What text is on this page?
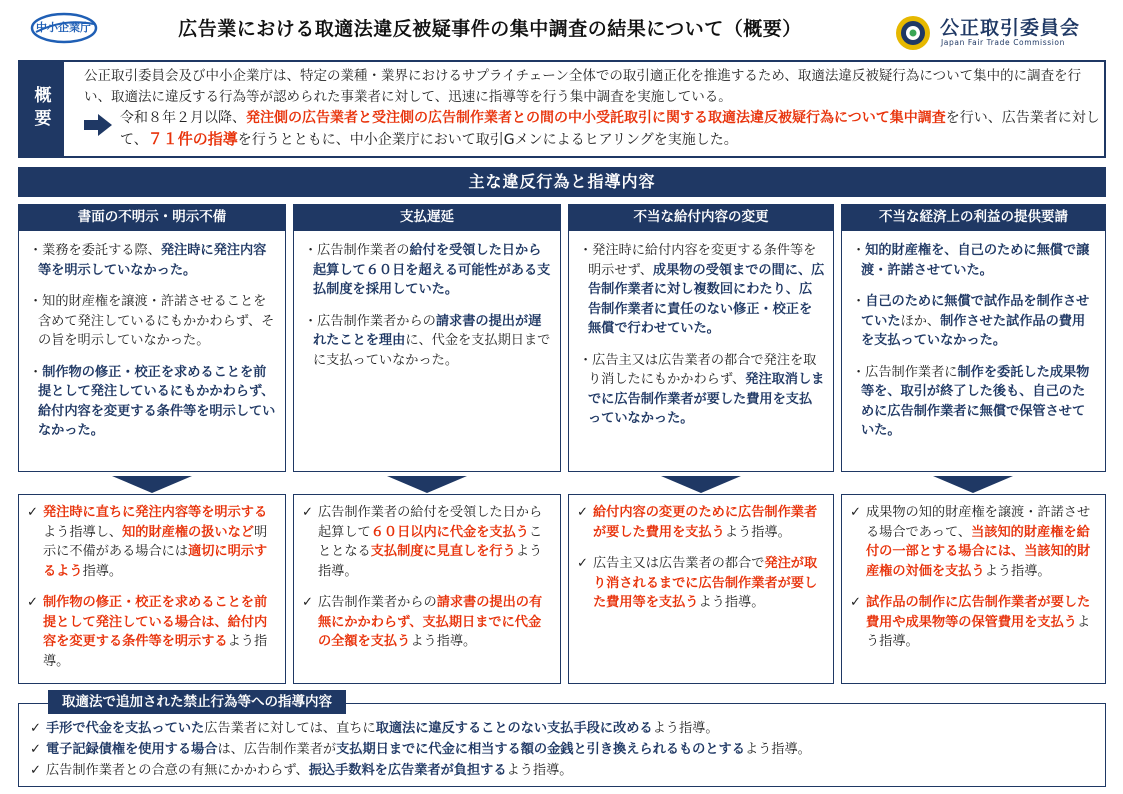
中小企業庁	広告業における取適法違反被疑事件の集中調査の結果について（概要）	公正取引委員会
Japan Fair Trade Commission
概要
公正取引委員会及び中小企業庁は、特定の業種・業界におけるサプライチェーン全体での取引適正化を推進するため、取適法違反被疑行為について集中的に調査を行い、取適法に違反する行為等が認められた事業者に対して、迅速に指導等を行う集中調査を実施している。
令和８年２月以降、発注側の広告業者と受注側の広告制作業者との間の中小受託取引に関する取適法違反被疑行為について集中調査を行い、広告業者に対して、７１件の指導を行うとともに、中小企業庁において取引Gメンによるヒアリングを実施した。
主な違反行為と指導内容
書面の不明示・明示不備

・業務を委託する際、発注時に発注内容等を明示していなかった。

・知的財産権を譲渡・許諾させることを含めて発注しているにもかかわらず、その旨を明示していなかった。

・制作物の修正・校正を求めることを前提として発注しているにもかかわらず、給付内容を変更する条件等を明示していなかった。

✓ 発注時に直ちに発注内容等を明示するよう指導し、知的財産権の扱いなど明示に不備がある場合には適切に明示するよう指導。

✓ 制作物の修正・校正を求めることを前提として発注している場合は、給付内容を変更する条件等を明示するよう指導。

支払遅延

・広告制作業者の給付を受領した日から起算して６０日を超える可能性がある支払制度を採用していた。

・広告制作業者からの請求書の提出が遅れたことを理由に、代金を支払期日までに支払っていなかった。

✓ 広告制作業者の給付を受領した日から起算して６０日以内に代金を支払うこととなる支払制度に見直しを行うよう指導。

✓ 広告制作業者からの請求書の提出の有無にかかわらず、支払期日までに代金の全額を支払うよう指導。

不当な給付内容の変更

・発注時に給付内容を変更する条件等を明示せず、成果物の受領までの間に、広告制作業者に対し複数回にわたり、広告制作業者に責任のない修正・校正を無償で行わせていた。

・広告主又は広告業者の都合で発注を取り消したにもかかわらず、発注取消しまでに広告制作業者が要した費用を支払っていなかった。

✓ 給付内容の変更のために広告制作業者が要した費用を支払うよう指導。

✓ 広告主又は広告業者の都合で発注が取り消されるまでに広告制作業者が要した費用等を支払うよう指導。

不当な経済上の利益の提供要請

・知的財産権を、自己のために無償で譲渡・許諾させていた。

・自己のために無償で試作品を制作させていたほか、制作させた試作品の費用を支払っていなかった。

・広告制作業者に制作を委託した成果物等を、取引が終了した後も、自己のために広告制作業者に無償で保管させていた。

✓ 成果物の知的財産権を譲渡・許諾させる場合であって、当該知的財産権を給付の一部とする場合には、当該知的財産権の対価を支払うよう指導。

✓ 試作品の制作に広告制作業者が要した費用や成果物等の保管費用を支払うよう指導。

取適法で追加された禁止行為等への指導内容
✓ 手形で代金を支払っていた広告業者に対しては、直ちに取適法に違反することのない支払手段に改めるよう指導。
✓ 電子記録債権を使用する場合は、広告制作業者が支払期日までに代金に相当する額の金銭と引き換えられるものとするよう指導。
✓ 広告制作業者との合意の有無にかかわらず、振込手数料を広告業者が負担するよう指導。
